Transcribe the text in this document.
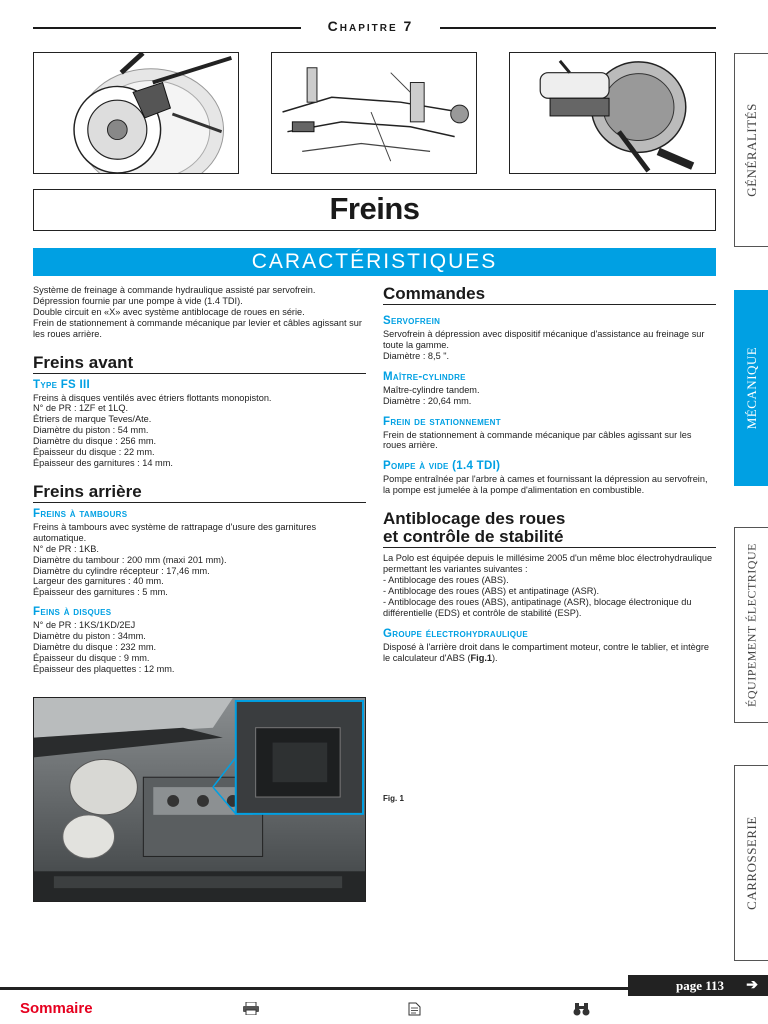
Chapitre 7
Freins
CARACTÉRISTIQUES

Système de freinage à commande hydraulique assisté par servofrein.

Dépression fournie par une pompe à vide (1.4 TDI).

Double circuit en «X» avec système antiblocage de roues en série.

Frein de stationnement à commande mécanique par levier et câbles agissant sur les roues arrière.

Freins avant
Type FS III

Freins à disques ventilés avec étriers flottants monopiston.

N° de PR : 1ZF et 1LQ.

Étriers de marque Teves/Ate.

Diamètre du piston : 54 mm.

Diamètre du disque : 256 mm.

Épaisseur du disque : 22 mm.

Épaisseur des garnitures : 14 mm.

Freins arrière
Freins à tambours

Freins à tambours avec système de rattrapage d'usure des garnitures automatique.

N° de PR : 1KB.

Diamètre du tambour : 200 mm (maxi 201 mm).

Diamètre du cylindre récepteur : 17,46 mm.

Largeur des garnitures : 40 mm.

Épaisseur des garnitures : 5 mm.

Feins à disques

N° de PR : 1KS/1KD/2EJ

Diamètre du piston : 34mm.

Diamètre du disque : 232 mm.

Épaisseur du disque : 9 mm.

Épaisseur des plaquettes : 12 mm.

Commandes
Servofrein

Servofrein à dépression avec dispositif mécanique d'assistance au freinage sur toute la gamme.

Diamètre : 8,5 ".

Maître-cylindre

Maître-cylindre tandem.

Diamètre : 20,64 mm.

Frein de stationnement

Frein de stationnement à commande mécanique par câbles agissant sur les roues arrière.

Pompe à vide (1.4 TDI)

Pompe entraînée par l'arbre à cames et fournissant la dépression au servofrein, la pompe est jumelée à la pompe d'alimentation en combustible.

Antiblocage des roues
et contrôle de stabilité

La Polo est équipée depuis le millésime 2005 d'un même bloc électrohydraulique permettant les variantes suivantes :

- Antiblocage des roues (ABS).

- Antiblocage des roues (ABS) et antipatinage (ASR).

- Antiblocage des roues (ABS), antipatinage (ASR), blocage électronique du différentielle (EDS) et contrôle de stabilité (ESP).

Groupe électrohydraulique

Disposé à l'arrière droit dans le compartiment moteur, contre le tablier, et intègre le calculateur d'ABS (Fig.1).

Fig. 1
GÉNÉRALITÉS
MÉCANIQUE
ÉQUIPEMENT ÉLECTRIQUE
CARROSSERIE
page 113 ➔
Sommaire
